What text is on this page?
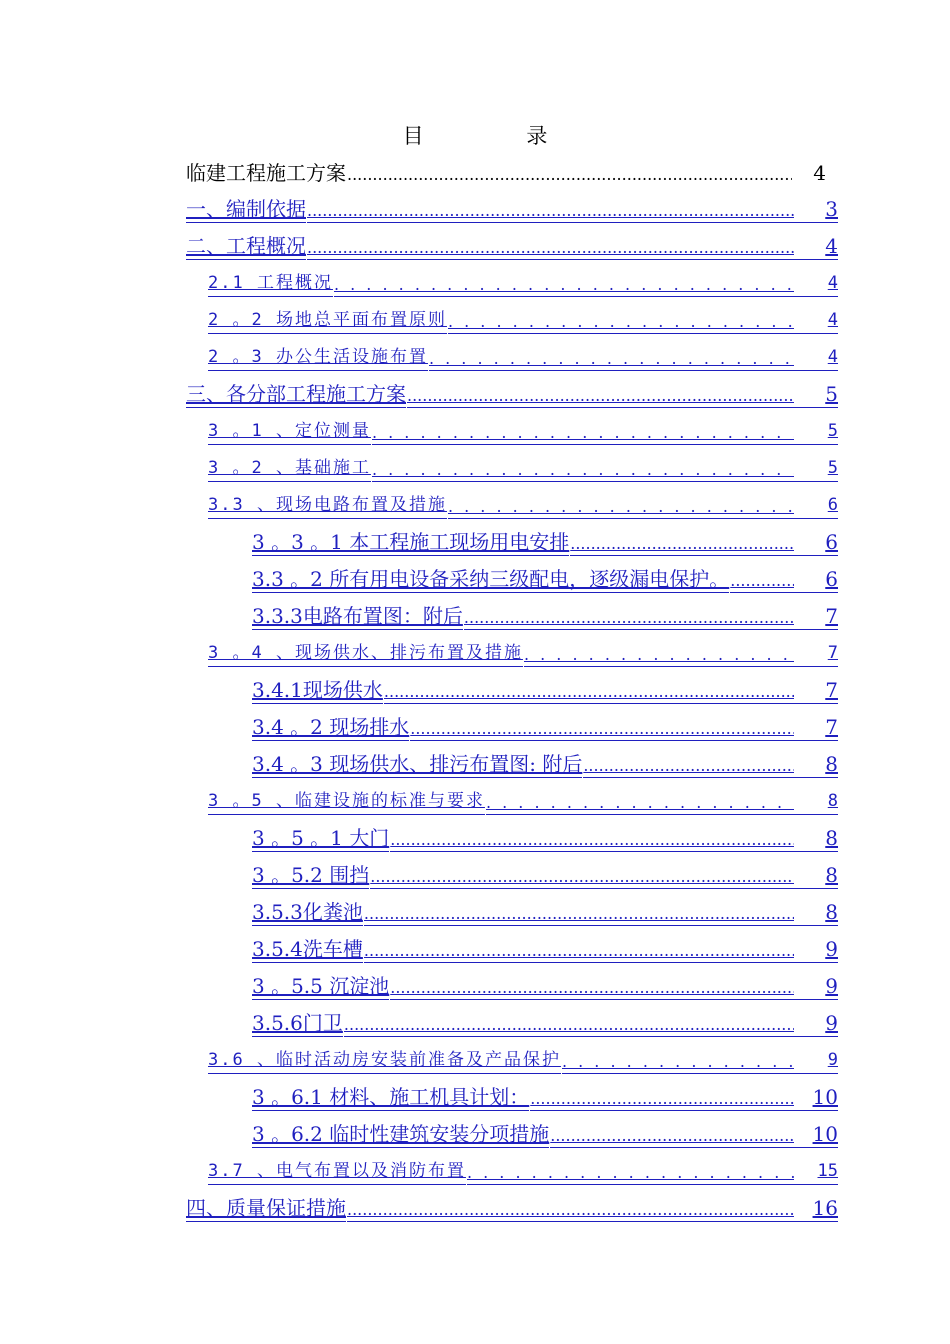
目 录
临建工程施工方案 .....	4
一、编制依据 .....	3
二、工程概况 .....	4
2.1 工程概况 . . .	4
2 。2 场地总平面布置原则 . . .	4
2 。3 办公生活设施布置 . . .	4
三、各分部工程施工方案 .....	5
3 。1 、定位测量 . . .	5
3 。2 、基础施工 . . .	5
3.3 、现场电路布置及措施 . . .	6
3 。3 。1 本工程施工现场用电安排 .....	6
3.3 。2 所有用电设备采纳三级配电，逐级漏电保护。 .....	6
3.3.3电路布置图：附后 .....	7
3 。4 、现场供水、排污布置及措施 . . .	7
3.4.1现场供水 .....	7
3.4 。2 现场排水 .....	7
3.4 。3 现场供水、排污布置图: 附后 .....	8
3 。5 、临建设施的标准与要求 . . .	8
3 。5 。1 大门 .....	8
3 。5.2 围挡 .....	8
3.5.3化粪池 .....	8
3.5.4洗车槽 .....	9
3 。5.5 沉淀池 .....	9
3.5.6门卫 .....	9
3.6 、临时活动房安装前准备及产品保护 . . .	9
3 。6.1 材料、施工机具计划： .....	10
3 。6.2 临时性建筑安装分项措施 .....	10
3.7 、电气布置以及消防布置 . . .	15
四、质量保证措施 .....	16
